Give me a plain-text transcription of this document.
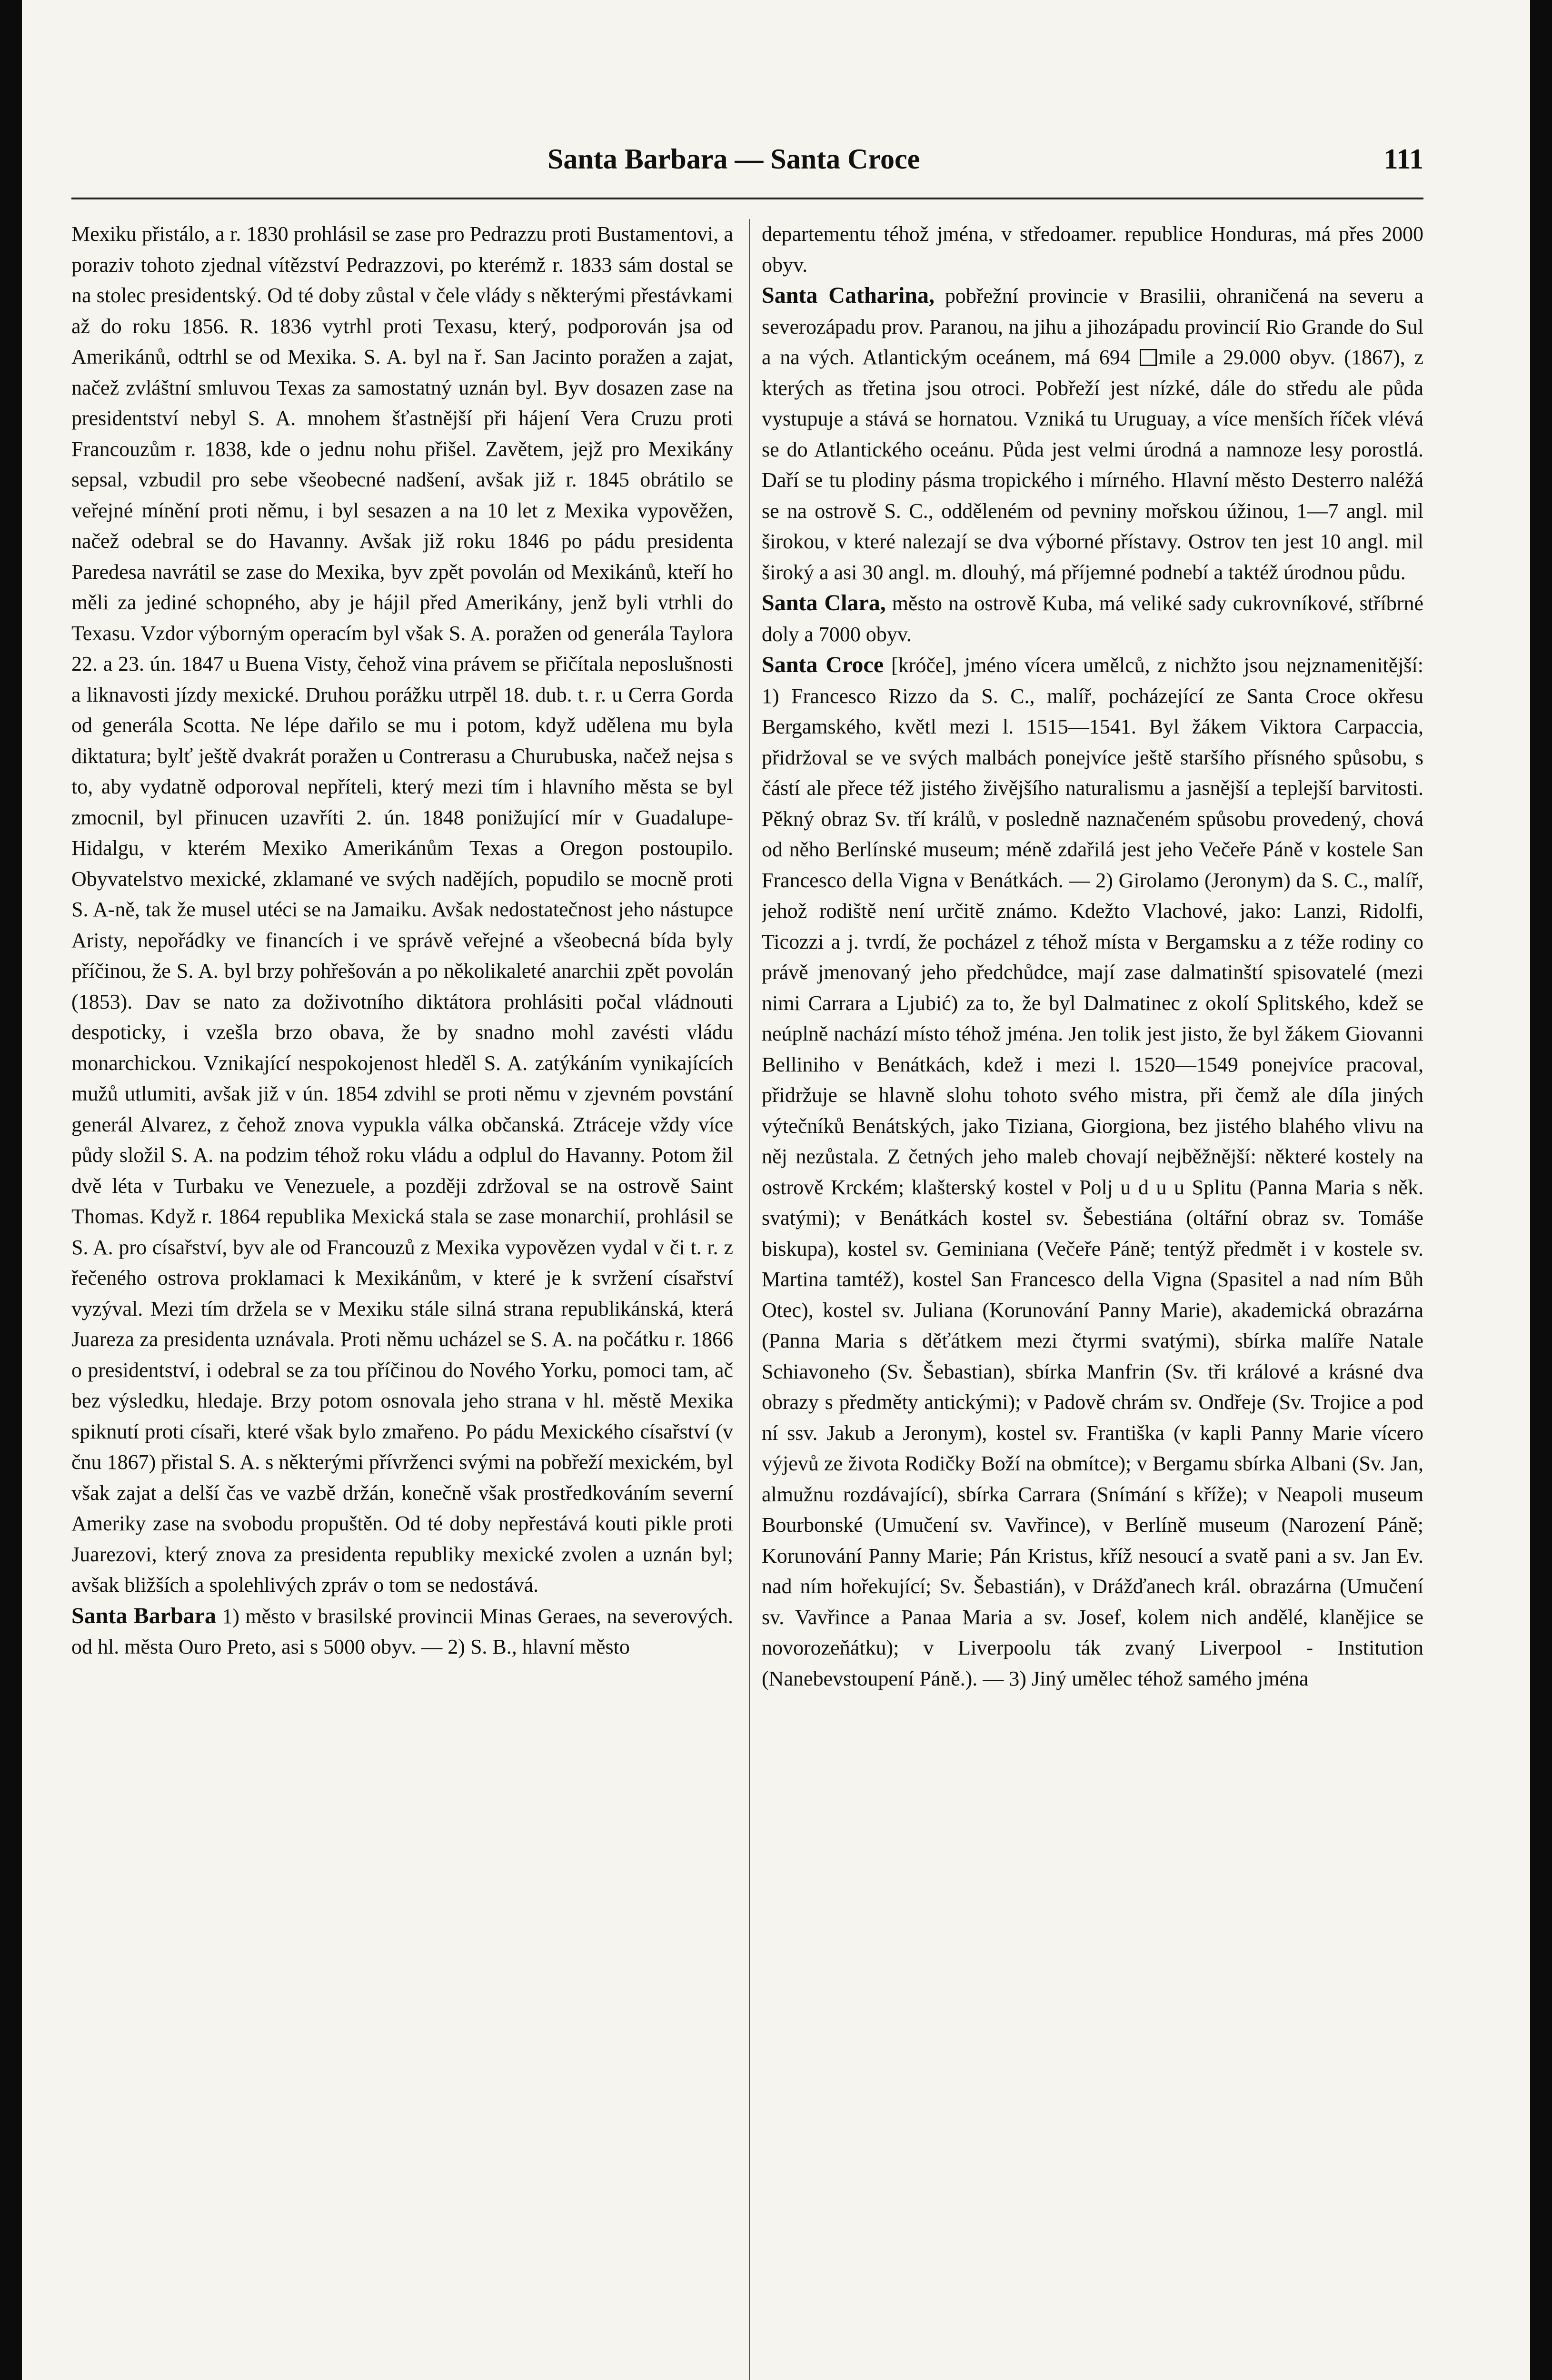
Santa Barbara — Santa Croce	111

Mexiku přistálo, a r. 1830 prohlásil se zase pro Pedrazzu proti Bustamentovi, a poraziv tohoto zjednal vítězství Pedrazzovi, po kterémž r. 1833 sám dostal se na stolec presidentský. Od té doby zůstal v čele vlády s některými přestávkami až do roku 1856. R. 1836 vytrhl proti Texasu, který, podporován jsa od Amerikánů, odtrhl se od Mexika. S. A. byl na ř. San Jacinto poražen a zajat, načež zvláštní smluvou Texas za samostatný uznán byl. Byv dosazen zase na presidentství nebyl S. A. mnohem šťastnější při hájení Vera Cruzu proti Francouzům r. 1838, kde o jednu nohu přišel. Zavětem, jejž pro Mexikány sepsal, vzbudil pro sebe všeobecné nadšení, avšak již r. 1845 obrátilo se veřejné mínění proti němu, i byl sesazen a na 10 let z Mexika vypověžen, načež odebral se do Havanny. Avšak již roku 1846 po pádu presidenta Paredesa navrátil se zase do Mexika, byv zpět povolán od Mexikánů, kteří ho měli za jediné schopného, aby je hájil před Amerikány, jenž byli vtrhli do Texasu. Vzdor výborným operacím byl však S. A. poražen od generála Taylora 22. a 23. ún. 1847 u Buena Visty, čehož vina právem se přičítala neposlušnosti a liknavosti jízdy mexické. Druhou porážku utrpěl 18. dub. t. r. u Cerra Gorda od generála Scotta. Ne lépe dařilo se mu i potom, když udělena mu byla diktatura; bylť ještě dvakrát poražen u Contrerasu a Churubuska, načež nejsa s to, aby vydatně odporoval nepříteli, který mezi tím i hlavního města se byl zmocnil, byl přinucen uzavříti 2. ún. 1848 ponižující mír v Guadalupe-Hidalgu, v kterém Mexiko Amerikánům Texas a Oregon postoupilo. Obyvatelstvo mexické, zklamané ve svých nadějích, popudilo se mocně proti S. A-ně, tak že musel utéci se na Jamaiku. Avšak nedostatečnost jeho nástupce Aristy, nepořádky ve financích i ve správě veřejné a všeobecná bída byly příčinou, že S. A. byl brzy pohřešován a po několikaleté anarchii zpět povolán (1853). Dav se nato za doživotního diktátora prohlásiti počal vládnouti despoticky, i vzešla brzo obava, že by snadno mohl zavésti vládu monarchickou. Vznikající nespokojenost hleděl S. A. zatýkáním vynikajících mužů utlumiti, avšak již v ún. 1854 zdvihl se proti němu v zjevném povstání generál Alvarez, z čehož znova vypukla válka občanská. Ztráceje vždy více půdy složil S. A. na podzim téhož roku vládu a odplul do Havanny. Potom žil dvě léta v Turbaku ve Venezuele, a později zdržoval se na ostrově Saint Thomas. Když r. 1864 republika Mexická stala se zase monarchií, prohlásil se S. A. pro císařství, byv ale od Francouzů z Mexika vypovězen vydal v či t. r. z řečeného ostrova proklamaci k Mexikánům, v které je k svržení císařství vyzýval. Mezi tím držela se v Mexiku stále silná strana republikánská, která Juareza za presidenta uznávala. Proti němu ucházel se S. A. na počátku r. 1866 o presidentství, i odebral se za tou příčinou do Nového Yorku, pomoci tam, ač bez výsledku, hledaje. Brzy potom osnovala jeho strana v hl. městě Mexika spiknutí proti císaři, které však bylo zmařeno. Po pádu Mexického císařství (v čnu 1867) přistal S. A. s některými přívrženci svými na pobřeží mexickém, byl však zajat a delší čas ve vazbě držán, konečně však prostředkováním severní Ameriky zase na svobodu propuštěn. Od té doby nepřestává kouti pikle proti Juarezovi, který znova za presidenta republiky mexické zvolen a uznán byl; avšak bližších a spolehlivých zpráv o tom se nedostává.

Santa Barbara 1) město v brasilské provincii Minas Geraes, na severových. od hl. města Ouro Preto, asi s 5000 obyv. — 2) S. B., hlavní město

departementu téhož jména, v středoamer. republice Honduras, má přes 2000 obyv.

Santa Catharina, pobřežní provincie v Brasilii, ohraničená na severu a severozápadu prov. Paranou, na jihu a jihozápadu provincií Rio Grande do Sul a na vých. Atlantickým oceánem, má 694 mile a 29.000 obyv. (1867), z kterých as třetina jsou otroci. Pobřeží jest nízké, dále do středu ale půda vystupuje a stává se hornatou. Vzniká tu Uruguay, a více menších říček vlévá se do Atlantického oceánu. Půda jest velmi úrodná a namnoze lesy porostlá. Daří se tu plodiny pásma tropického i mírného. Hlavní město Desterro naléžá se na ostrově S. C., odděleném od pevniny mořskou úžinou, 1—7 angl. mil širokou, v které nalezají se dva výborné přístavy. Ostrov ten jest 10 angl. mil široký a asi 30 angl. m. dlouhý, má příjemné podnebí a taktéž úrodnou půdu.

Santa Clara, město na ostrově Kuba, má veliké sady cukrovníkové, stříbrné doly a 7000 obyv.

Santa Croce [króče], jméno vícera umělců, z nichžto jsou nejznamenitější: 1) Francesco Rizzo da S. C., malíř, pocházející ze Santa Croce okřesu Bergamského, květl mezi l. 1515—1541. Byl žákem Viktora Carpaccia, přidržoval se ve svých malbách ponejvíce ještě staršího přísného spůsobu, s částí ale přece též jistého živějšího naturalismu a jasnější a teplejší barvitosti. Pěkný obraz Sv. tří králů, v posledně naznačeném spůsobu provedený, chová od něho Berlínské museum; méně zdařilá jest jeho Večeře Páně v kostele San Francesco della Vigna v Benátkách. — 2) Girolamo (Jeronym) da S. C., malíř, jehož rodiště není určitě známo. Kdežto Vlachové, jako: Lanzi, Ridolfi, Ticozzi a j. tvrdí, že pocházel z téhož místa v Bergamsku a z téže rodiny co právě jmenovaný jeho předchůdce, mají zase dalmatinští spisovatelé (mezi nimi Carrara a Ljubić) za to, že byl Dalmatinec z okolí Splitského, kdež se neúplně nachází místo téhož jména. Jen tolik jest jisto, že byl žákem Giovanni Belliniho v Benátkách, kdež i mezi l. 1520—1549 ponejvíce pracoval, přidržuje se hlavně slohu tohoto svého mistra, při čemž ale díla jiných výtečníků Benátských, jako Tiziana, Giorgiona, bez jistého blahého vlivu na něj nezůstala. Z četných jeho maleb chovají nejběžnější: některé kostely na ostrově Krckém; klašterský kostel v Polj u d u u Splitu (Panna Maria s něk. svatými); v Benátkách kostel sv. Šebestiána (oltářní obraz sv. Tomáše biskupa), kostel sv. Geminiana (Večeře Páně; tentýž předmět i v kostele sv. Martina tamtéž), kostel San Francesco della Vigna (Spasitel a nad ním Bůh Otec), kostel sv. Juliana (Korunování Panny Marie), akademická obrazárna (Panna Maria s děťátkem mezi čtyrmi svatými), sbírka malíře Natale Schiavoneho (Sv. Šebastian), sbírka Manfrin (Sv. tři králové a krásné dva obrazy s předměty antickými); v Padově chrám sv. Ondřeje (Sv. Trojice a pod ní ssv. Jakub a Jeronym), kostel sv. Františka (v kapli Panny Marie vícero výjevů ze života Rodičky Boží na obmítce); v Bergamu sbírka Albani (Sv. Jan, almužnu rozdávající), sbírka Carrara (Snímání s kříže); v Neapoli museum Bourbonské (Umučení sv. Vavřince), v Berlíně museum (Narození Páně; Korunování Panny Marie; Pán Kristus, kříž nesoucí a svatě pani a sv. Jan Ev. nad ním hořekující; Sv. Šebastián), v Drážďanech král. obrazárna (Umučení sv. Vavřince a Panaa Maria a sv. Josef, kolem nich andělé, klanějice se novorozeňátku); v Liverpoolu ták zvaný Liverpool - Institution (Nanebevstoupení Páně.). — 3) Jiný umělec téhož samého jména
